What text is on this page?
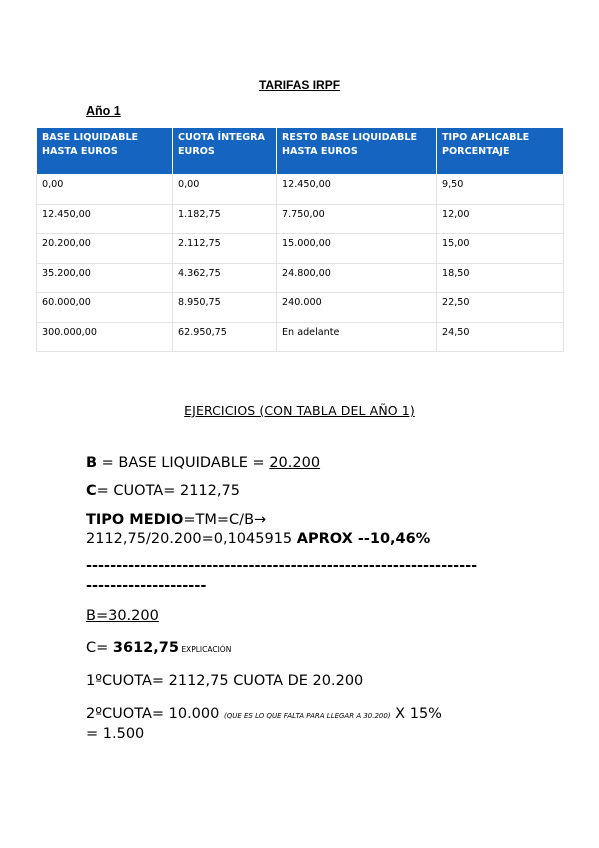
TARIFAS IRPF
Año 1
BASE LIQUIDABLE HASTA EUROS	CUOTA ÍNTEGRA EUROS	RESTO BASE LIQUIDABLE HASTA EUROS	TIPO APLICABLE PORCENTAJE
0,00	0,00	12.450,00	9,50
12.450,00	1.182,75	7.750,00	12,00
20.200,00	2.112,75	15.000,00	15,00
35.200,00	4.362,75	24.800,00	18,50
60.000,00	8.950,75	240.000	22,50
300.000,00	62.950,75	En adelante	24,50
EJERCICIOS (CON TABLA DEL AÑO 1)
B = BASE LIQUIDABLE = 20.200
C= CUOTA= 2112,75
TIPO MEDIO=TM=C/B→
2112,75/20.200=0,1045915 APROX --10,46%
-----------------------------------------------------------------
--------------------
B=30.200
C= 3612,75 EXPLICACIÓN
1ºCUOTA= 2112,75 CUOTA DE 20.200
2ºCUOTA= 10.000 (QUE ES LO QUE FALTA PARA LLEGAR A 30.200) X 15%
= 1.500
